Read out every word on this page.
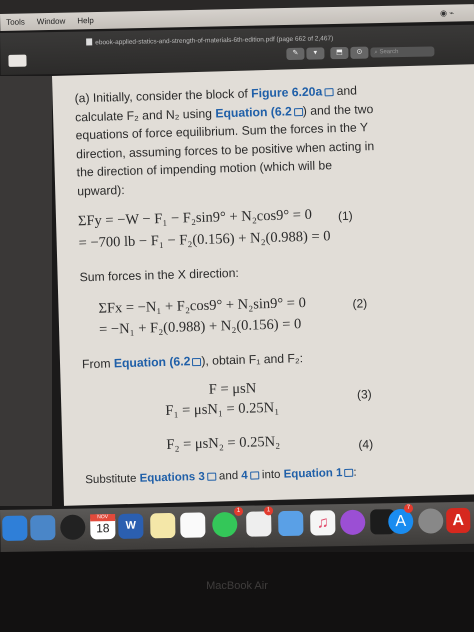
Tools Window Help
◉ ⌁
ebook-applied-statics-and-strength-of-materials-6th-edition.pdf (page 662 of 2,467)
✎	▾	⬒	⊙	⌕ Search
(a) Initially, consider the block of Figure 6.20a and calculate F₂ and N₂ using Equation (6.2 ) and the two equations of force equilibrium. Sum the forces in the Y direction, assuming forces to be positive when acting in the direction of impending motion (which will be upward):
ΣFy = −W − F₁ − F₂sin9° + N₂cos9° = 0 (1)
= −700 lb − F₁ − F₂(0.156) + N₂(0.988) = 0
Sum forces in the X direction:
ΣFx = −N₁ + F₂cos9° + N₂sin9° = 0	(2)
= −N₁ + F₂(0.988) + N₂(0.156) = 0
From Equation (6.2 ), obtain F₁ and F₂:
F = μsN
F₁ = μsN₁ = 0.25N₁
(3)
F₂ = μsN₂ = 0.25N₂	(4)
Substitute Equations 3 and 4 into Equation 1 :
NOV
18	W
1	1
♫	A
7
A
MacBook Air
